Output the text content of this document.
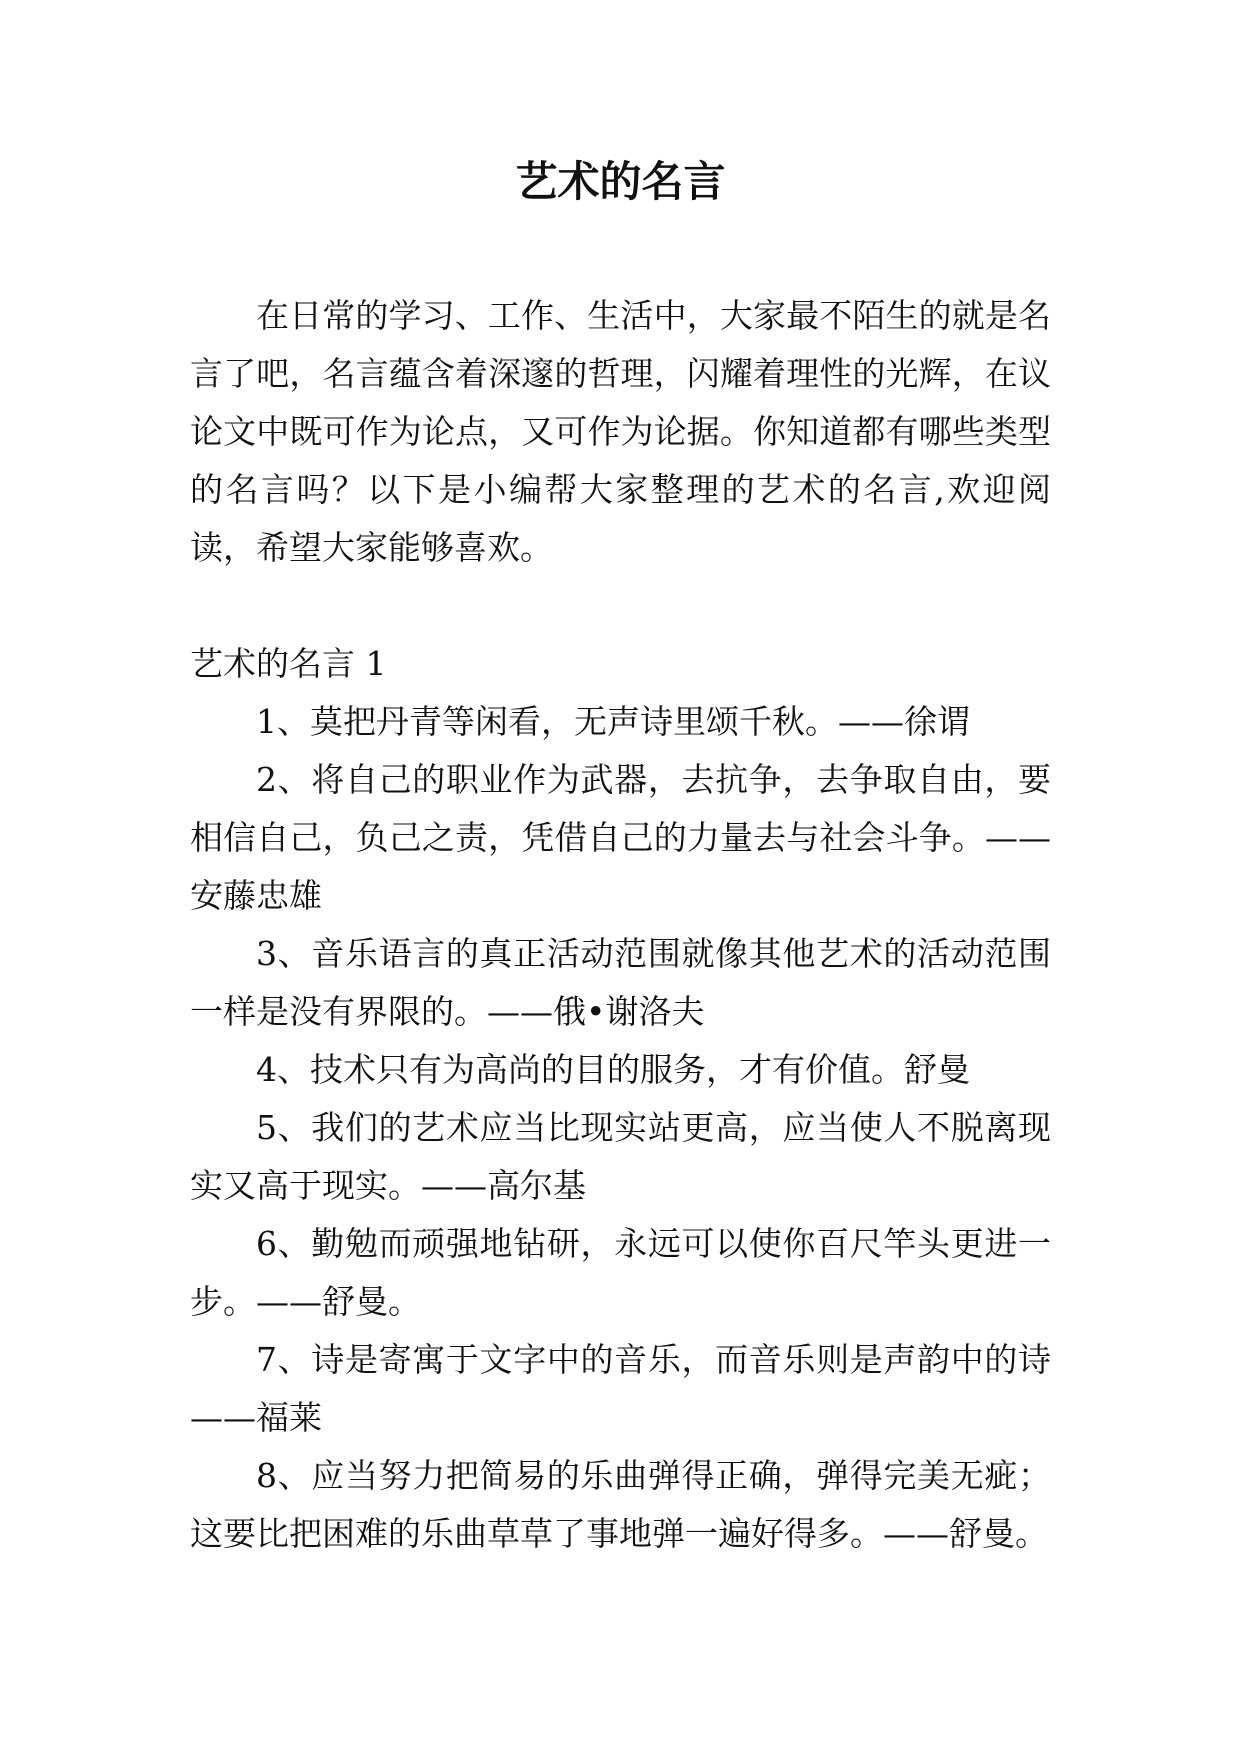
艺术的名言

在日常的学习、工作、生活中，大家最不陌生的就是名言了吧，名言蕴含着深邃的哲理，闪耀着理性的光辉，在议论文中既可作为论点，又可作为论据。你知道都有哪些类型的名言吗？以下是小编帮大家整理的艺术的名言,欢迎阅读，希望大家能够喜欢。

艺术的名言 1

1、莫把丹青等闲看，无声诗里颂千秋。——徐谓

2、将自己的职业作为武器，去抗争，去争取自由，要相信自己，负己之责，凭借自己的力量去与社会斗争。——安藤忠雄

3、音乐语言的真正活动范围就像其他艺术的活动范围一样是没有界限的。——俄•谢洛夫

4、技术只有为高尚的目的服务，才有价值。舒曼

5、我们的艺术应当比现实站更高，应当使人不脱离现实又高于现实。——高尔基

6、勤勉而顽强地钻研，永远可以使你百尺竿头更进一步。——舒曼。

7、诗是寄寓于文字中的音乐，而音乐则是声韵中的诗——福莱

8、应当努力把简易的乐曲弹得正确，弹得完美无疵；这要比把困难的乐曲草草了事地弹一遍好得多。——舒曼。
